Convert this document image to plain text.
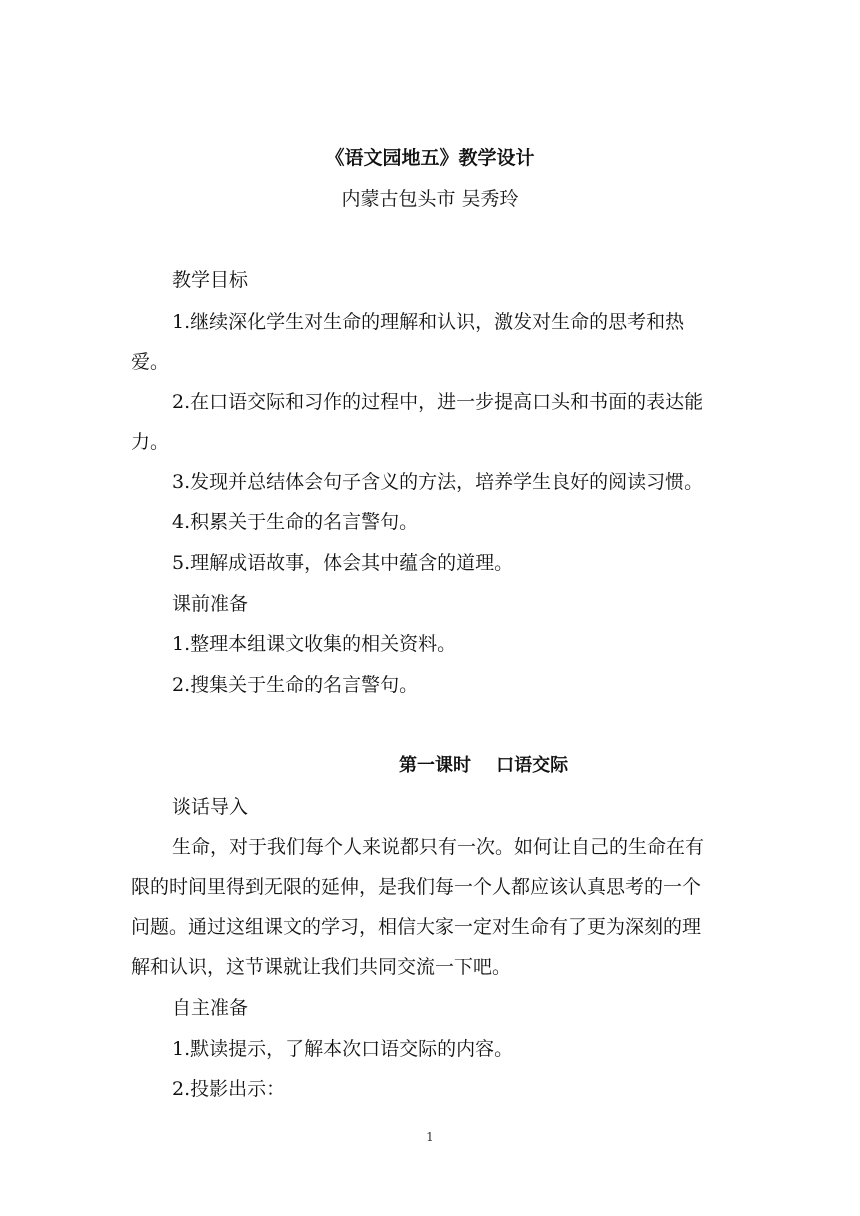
《语文园地五》教学设计
内蒙古包头市 吴秀玲
教学目标
1.继续深化学生对生命的理解和认识，激发对生命的思考和热
爱。
2.在口语交际和习作的过程中，进一步提高口头和书面的表达能
力。
3.发现并总结体会句子含义的方法，培养学生良好的阅读习惯。
4.积累关于生命的名言警句。
5.理解成语故事，体会其中蕴含的道理。
课前准备
1.整理本组课文收集的相关资料。
2.搜集关于生命的名言警句。
第一课时    口语交际
谈话导入
生命，对于我们每个人来说都只有一次。如何让自己的生命在有
限的时间里得到无限的延伸，是我们每一个人都应该认真思考的一个
问题。通过这组课文的学习，相信大家一定对生命有了更为深刻的理
解和认识，这节课就让我们共同交流一下吧。
自主准备
1.默读提示，了解本次口语交际的内容。
2.投影出示：
1
